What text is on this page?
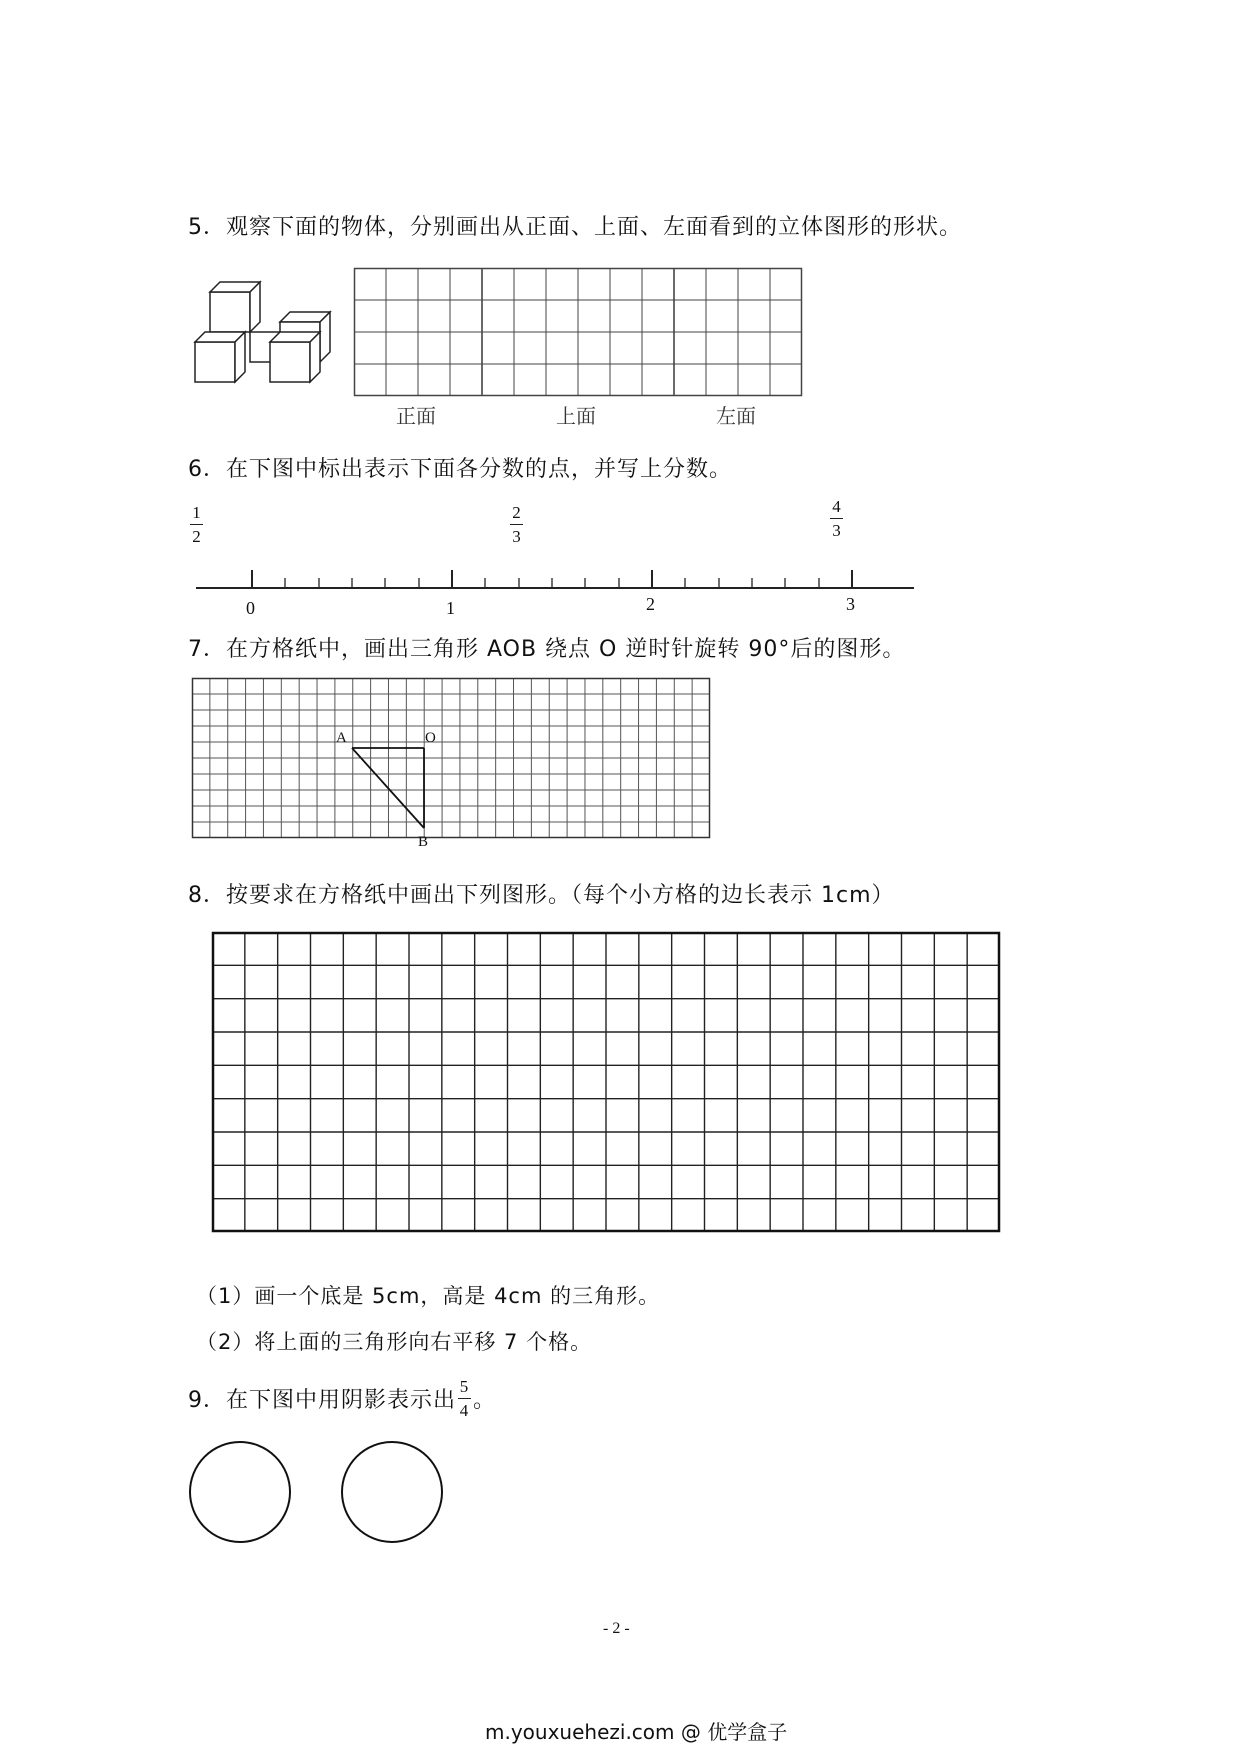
5．观察下面的物体，分别画出从正面、上面、左面看到的立体图形的形状。
正面	上面	左面
6．在下图中标出表示下面各分数的点，并写上分数。
1
2
2
3
4
3
0	1	2	3
7．在方格纸中，画出三角形 AOB 绕点 O 逆时针旋转 90°后的图形。
A	O
B
8．按要求在方格纸中画出下列图形。（每个小方格的边长表示 1cm）
（1）画一个底是 5cm，高是 4cm 的三角形。
（2）将上面的三角形向右平移 7 个格。
9．在下图中用阴影表示出 $\frac{5}{4}$ 。
- 2 -
m.youxuehezi.com @ 优学盒子
